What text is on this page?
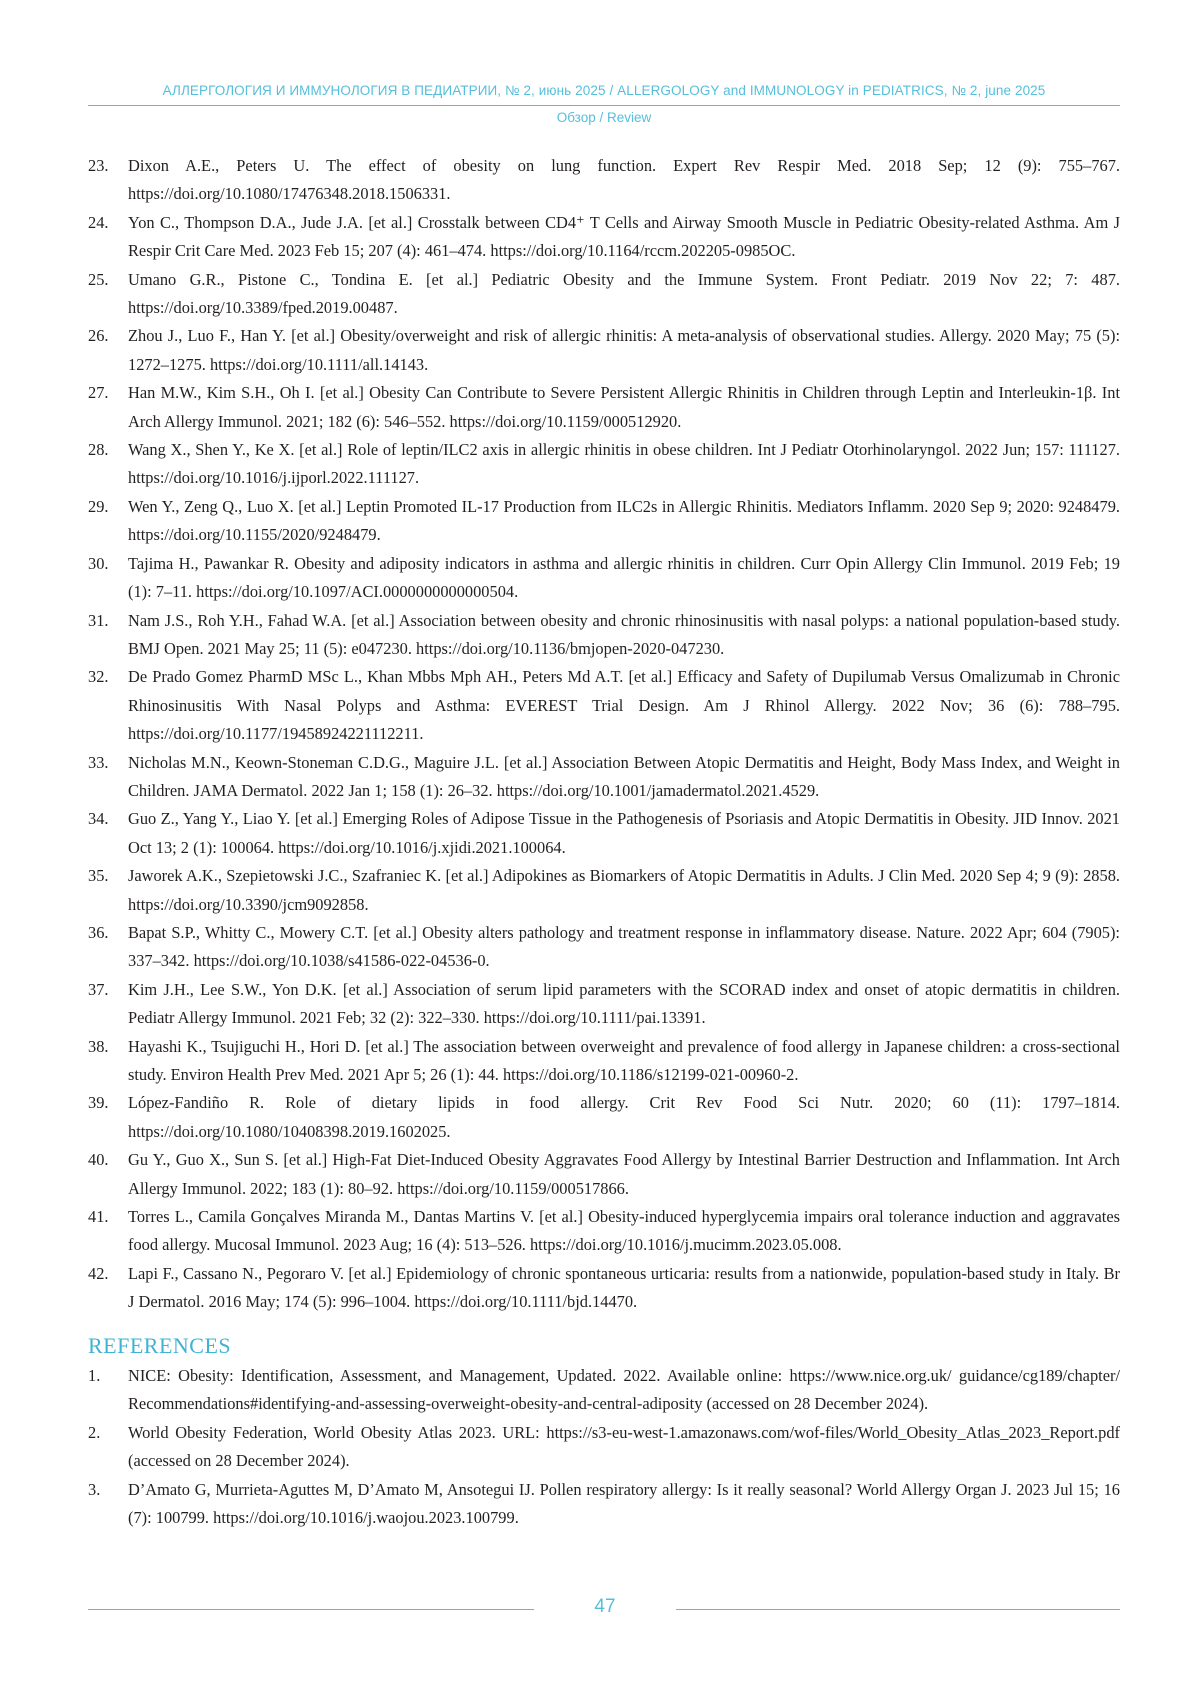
АЛЛЕРГОЛОГИЯ И ИММУНОЛОГИЯ В ПЕДИАТРИИ, № 2, июнь 2025 / ALLERGOLOGY and IMMUNOLOGY in PEDIATRICS, № 2, june 2025
Обзор / Review
23. Dixon A.E., Peters U. The effect of obesity on lung function. Expert Rev Respir Med. 2018 Sep; 12 (9): 755–767. https://doi.org/10.1080/17476348.2018.1506331.
24. Yon C., Thompson D.A., Jude J.A. [et al.] Crosstalk between CD4⁺ T Cells and Airway Smooth Muscle in Pediatric Obesity-related Asthma. Am J Respir Crit Care Med. 2023 Feb 15; 207 (4): 461–474. https://doi.org/10.1164/rccm.202205-0985OC.
25. Umano G.R., Pistone C., Tondina E. [et al.] Pediatric Obesity and the Immune System. Front Pediatr. 2019 Nov 22; 7: 487. https://doi.org/10.3389/fped.2019.00487.
26. Zhou J., Luo F., Han Y. [et al.] Obesity/overweight and risk of allergic rhinitis: A meta-analysis of observational studies. Allergy. 2020 May; 75 (5): 1272–1275. https://doi.org/10.1111/all.14143.
27. Han M.W., Kim S.H., Oh I. [et al.] Obesity Can Contribute to Severe Persistent Allergic Rhinitis in Children through Leptin and Interleukin-1β. Int Arch Allergy Immunol. 2021; 182 (6): 546–552. https://doi.org/10.1159/000512920.
28. Wang X., Shen Y., Ke X. [et al.] Role of leptin/ILC2 axis in allergic rhinitis in obese children. Int J Pediatr Otorhinolaryngol. 2022 Jun; 157: 111127. https://doi.org/10.1016/j.ijporl.2022.111127.
29. Wen Y., Zeng Q., Luo X. [et al.] Leptin Promoted IL-17 Production from ILC2s in Allergic Rhinitis. Mediators Inflamm. 2020 Sep 9; 2020: 9248479. https://doi.org/10.1155/2020/9248479.
30. Tajima H., Pawankar R. Obesity and adiposity indicators in asthma and allergic rhinitis in children. Curr Opin Allergy Clin Immunol. 2019 Feb; 19 (1): 7–11. https://doi.org/10.1097/ACI.0000000000000504.
31. Nam J.S., Roh Y.H., Fahad W.A. [et al.] Association between obesity and chronic rhinosinusitis with nasal polyps: a national population-based study. BMJ Open. 2021 May 25; 11 (5): e047230. https://doi.org/10.1136/bmjopen-2020-047230.
32. De Prado Gomez PharmD MSc L., Khan Mbbs Mph AH., Peters Md A.T. [et al.] Efficacy and Safety of Dupilumab Versus Omalizumab in Chronic Rhinosinusitis With Nasal Polyps and Asthma: EVEREST Trial Design. Am J Rhinol Allergy. 2022 Nov; 36 (6): 788–795. https://doi.org/10.1177/19458924221112211.
33. Nicholas M.N., Keown-Stoneman C.D.G., Maguire J.L. [et al.] Association Between Atopic Dermatitis and Height, Body Mass Index, and Weight in Children. JAMA Dermatol. 2022 Jan 1; 158 (1): 26–32. https://doi.org/10.1001/jamadermatol.2021.4529.
34. Guo Z., Yang Y., Liao Y. [et al.] Emerging Roles of Adipose Tissue in the Pathogenesis of Psoriasis and Atopic Dermatitis in Obesity. JID Innov. 2021 Oct 13; 2 (1): 100064. https://doi.org/10.1016/j.xjidi.2021.100064.
35. Jaworek A.K., Szepietowski J.C., Szafraniec K. [et al.] Adipokines as Biomarkers of Atopic Dermatitis in Adults. J Clin Med. 2020 Sep 4; 9 (9): 2858. https://doi.org/10.3390/jcm9092858.
36. Bapat S.P., Whitty C., Mowery C.T. [et al.] Obesity alters pathology and treatment response in inflammatory disease. Nature. 2022 Apr; 604 (7905): 337–342. https://doi.org/10.1038/s41586-022-04536-0.
37. Kim J.H., Lee S.W., Yon D.K. [et al.] Association of serum lipid parameters with the SCORAD index and onset of atopic dermatitis in children. Pediatr Allergy Immunol. 2021 Feb; 32 (2): 322–330. https://doi.org/10.1111/pai.13391.
38. Hayashi K., Tsujiguchi H., Hori D. [et al.] The association between overweight and prevalence of food allergy in Japanese children: a cross-sectional study. Environ Health Prev Med. 2021 Apr 5; 26 (1): 44. https://doi.org/10.1186/s12199-021-00960-2.
39. López-Fandiño R. Role of dietary lipids in food allergy. Crit Rev Food Sci Nutr. 2020; 60 (11): 1797–1814. https://doi.org/10.1080/10408398.2019.1602025.
40. Gu Y., Guo X., Sun S. [et al.] High-Fat Diet-Induced Obesity Aggravates Food Allergy by Intestinal Barrier Destruction and Inflammation. Int Arch Allergy Immunol. 2022; 183 (1): 80–92. https://doi.org/10.1159/000517866.
41. Torres L., Camila Gonçalves Miranda M., Dantas Martins V. [et al.] Obesity-induced hyperglycemia impairs oral tolerance induction and aggravates food allergy. Mucosal Immunol. 2023 Aug; 16 (4): 513–526. https://doi.org/10.1016/j.mucimm.2023.05.008.
42. Lapi F., Cassano N., Pegoraro V. [et al.] Epidemiology of chronic spontaneous urticaria: results from a nationwide, population-based study in Italy. Br J Dermatol. 2016 May; 174 (5): 996–1004. https://doi.org/10.1111/bjd.14470.
REFERENCES
1. NICE: Obesity: Identification, Assessment, and Management, Updated. 2022. Available online: https://www.nice.org.uk/ guidance/cg189/chapter/ Recommendations#identifying-and-assessing-overweight-obesity-and-central-adiposity (accessed on 28 December 2024).
2. World Obesity Federation, World Obesity Atlas 2023. URL: https://s3-eu-west-1.amazonaws.com/wof-files/World_Obesity_Atlas_2023_Report.pdf (accessed on 28 December 2024).
3. D’Amato G, Murrieta-Aguttes M, D’Amato M, Ansotegui IJ. Pollen respiratory allergy: Is it really seasonal? World Allergy Organ J. 2023 Jul 15; 16 (7): 100799. https://doi.org/10.1016/j.waojou.2023.100799.
47
